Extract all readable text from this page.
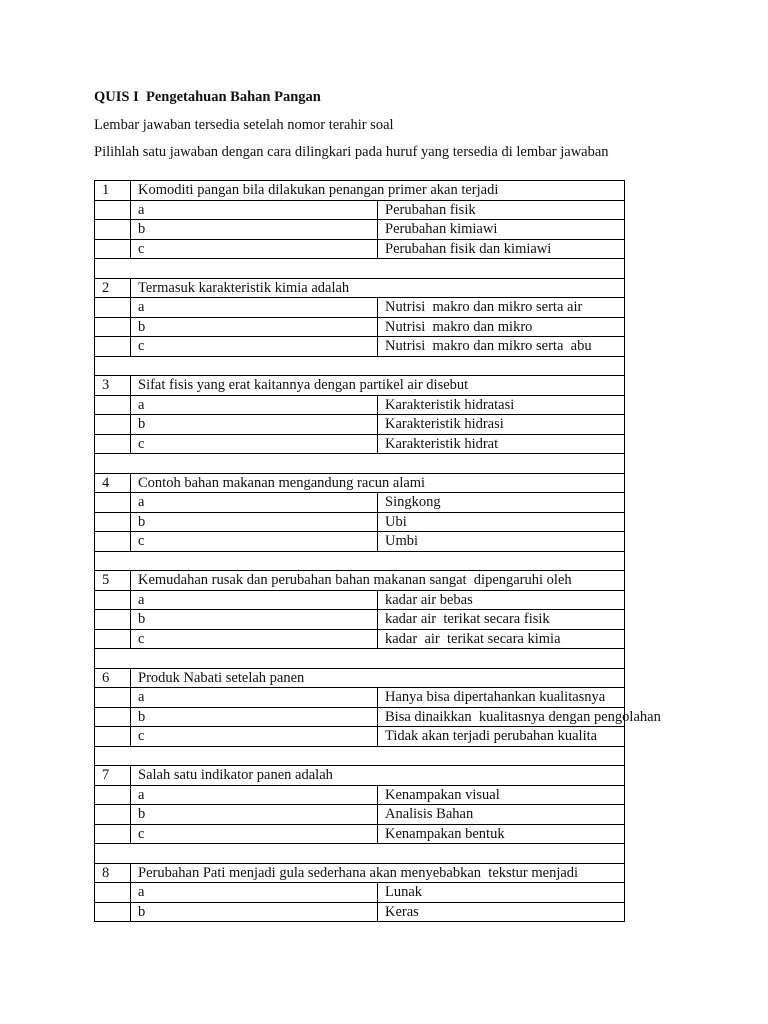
QUIS I  Pengetahuan Bahan Pangan
Lembar jawaban tersedia setelah nomor terahir soal
Pilihlah satu jawaban dengan cara dilingkari pada huruf yang tersedia di lembar jawaban
1	Komoditi pangan bila dilakukan penangan primer akan terjadi	
	a	Perubahan fisik
	b	Perubahan kimiawi
	c	Perubahan fisik dan kimiawi

2	Termasuk karakteristik kimia adalah	
	a	Nutrisi  makro dan mikro serta air
	b	Nutrisi  makro dan mikro
	c	Nutrisi  makro dan mikro serta  abu

3	Sifat fisis yang erat kaitannya dengan partikel air disebut	
	a	Karakteristik hidratasi
	b	Karakteristik hidrasi
	c	Karakteristik hidrat

4	Contoh bahan makanan mengandung racun alami	
	a	Singkong
	b	Ubi
	c	Umbi

5	Kemudahan rusak dan perubahan bahan makanan sangat  dipengaruhi oleh	
	a	kadar air bebas
	b	kadar air  terikat secara fisik
	c	kadar  air  terikat secara kimia

6	Produk Nabati setelah panen	
	a	Hanya bisa dipertahankan kualitasnya
	b	Bisa dinaikkan  kualitasnya dengan pengolahan
	c	Tidak akan terjadi perubahan kualita

7	Salah satu indikator panen adalah	
	a	Kenampakan visual
	b	Analisis Bahan
	c	Kenampakan bentuk

8	Perubahan Pati menjadi gula sederhana akan menyebabkan  tekstur menjadi	
	a	Lunak
	b	Keras
